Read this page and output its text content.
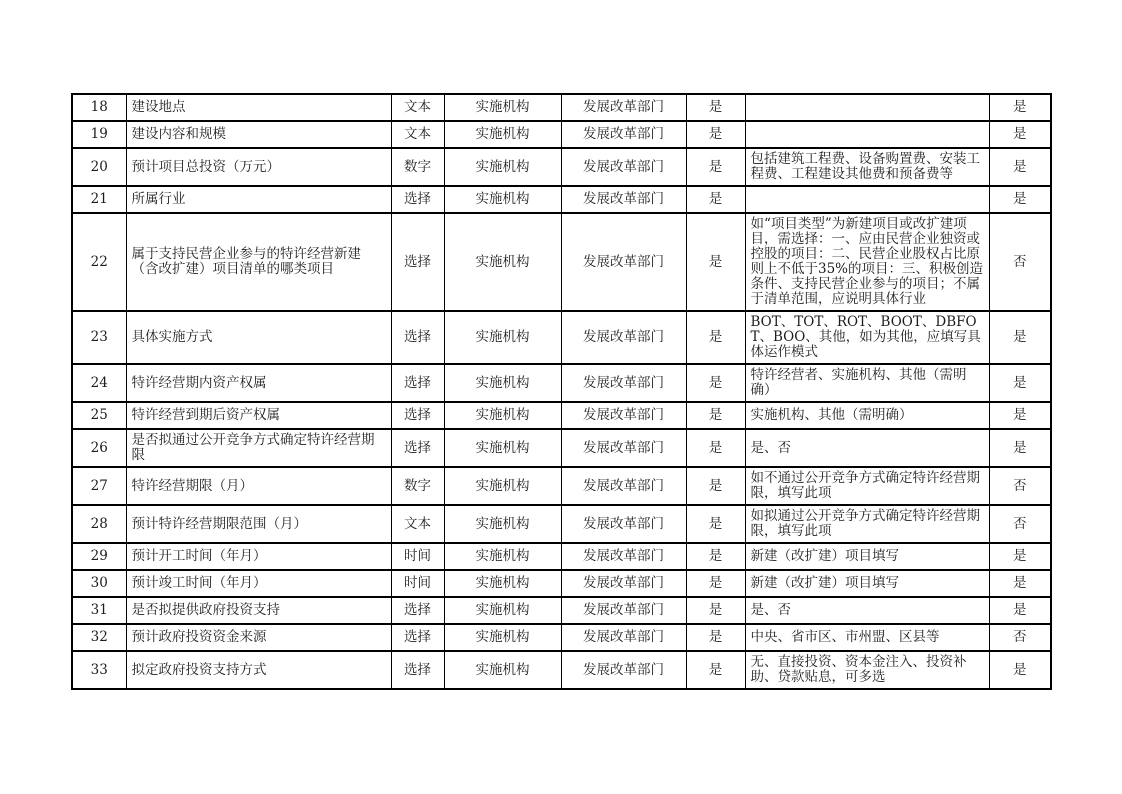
18	建设地点	文本	实施机构	发展改革部门	是		是
19	建设内容和规模	文本	实施机构	发展改革部门	是		是
20	预计项目总投资（万元）	数字	实施机构	发展改革部门	是	包括建筑工程费、设备购置费、安装工程费、工程建设其他费和预备费等	是
21	所属行业	选择	实施机构	发展改革部门	是		是
22	属于支持民营企业参与的特许经营新建（含改扩建）项目清单的哪类项目	选择	实施机构	发展改革部门	是	如“项目类型”为新建项目或改扩建项目，需选择：一、应由民营企业独资或控股的项目：二、民营企业股权占比原则上不低于35%的项目：三、积极创造条件、支持民营企业参与的项目；不属于清单范围，应说明具体行业	否
23	具体实施方式	选择	实施机构	发展改革部门	是	BOT、TOT、ROT、BOOT、DBFOT、BOO、其他，如为其他，应填写具体运作模式	是
24	特许经营期内资产权属	选择	实施机构	发展改革部门	是	特许经营者、实施机构、其他（需明确）	是
25	特许经营到期后资产权属	选择	实施机构	发展改革部门	是	实施机构、其他（需明确）	是
26	是否拟通过公开竞争方式确定特许经营期限	选择	实施机构	发展改革部门	是	是、否	是
27	特许经营期限（月）	数字	实施机构	发展改革部门	是	如不通过公开竞争方式确定特许经营期限，填写此项	否
28	预计特许经营期限范围（月）	文本	实施机构	发展改革部门	是	如拟通过公开竞争方式确定特许经营期限，填写此项	否
29	预计开工时间（年月）	时间	实施机构	发展改革部门	是	新建（改扩建）项目填写	是
30	预计竣工时间（年月）	时间	实施机构	发展改革部门	是	新建（改扩建）项目填写	是
31	是否拟提供政府投资支持	选择	实施机构	发展改革部门	是	是、否	是
32	预计政府投资资金来源	选择	实施机构	发展改革部门	是	中央、省市区、市州盟、区县等	否
33	拟定政府投资支持方式	选择	实施机构	发展改革部门	是	无、直接投资、资本金注入、投资补助、贷款贴息，可多选	是
